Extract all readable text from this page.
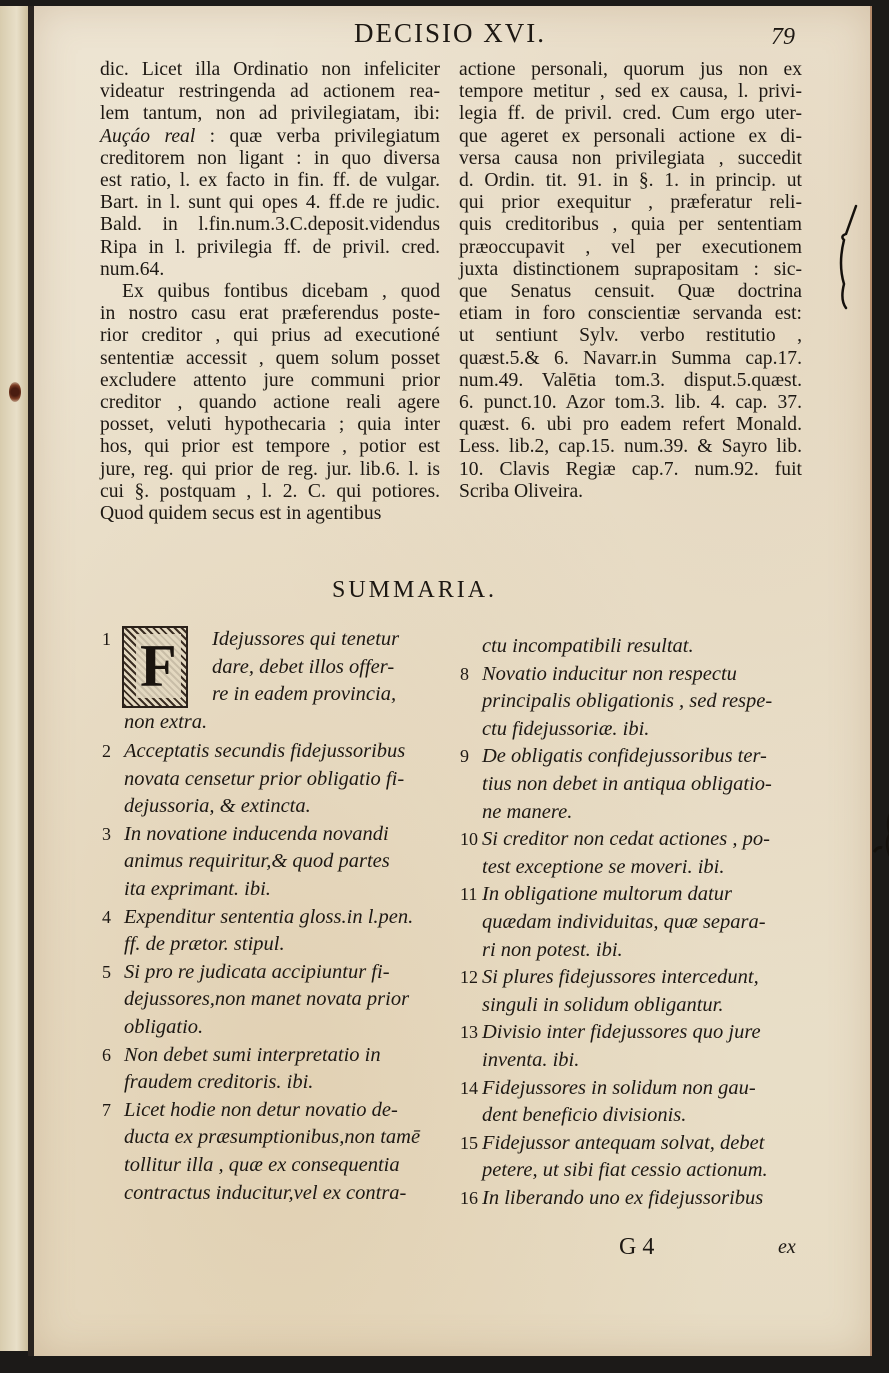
DECISIO XVI.	79
dic. Licet illa Ordinatio non infeliciter
videatur restringenda ad actionem rea-
lem tantum, non ad privilegiatam, ibi:
Auçáo real : quæ verba privilegiatum
creditorem non ligant : in quo diversa
est ratio, l. ex facto in fin. ff. de vulgar.
Bart. in l. sunt qui opes 4. ff.de re judic.
Bald. in l.fin.num.3.C.deposit.videndus
Ripa in l. privilegia ff. de privil. cred.
num.64.
Ex quibus fontibus dicebam , quod
in nostro casu erat præferendus poste-
rior creditor , qui prius ad executioné
sententiæ accessit , quem solum posset
excludere attento jure communi prior
creditor , quando actione reali agere
posset, veluti hypothecaria ; quia inter
hos, qui prior est tempore , potior est
jure, reg. qui prior de reg. jur. lib.6. l. is
cui §. postquam , l. 2. C. qui potiores.
Quod quidem secus est in agentibus
actione personali, quorum jus non ex
tempore metitur , sed ex causa, l. privi-
legia ff. de privil. cred. Cum ergo uter-
que ageret ex personali actione ex di-
versa causa non privilegiata , succedit
d. Ordin. tit. 91. in §. 1. in princip. ut
qui prior exequitur , præferatur reli-
quis creditoribus , quia per sententiam
præoccupavit , vel per executionem
juxta distinctionem suprapositam : sic-
que Senatus censuit. Quæ doctrina
etiam in foro conscientiæ servanda est:
ut sentiunt Sylv. verbo restitutio ,
quæst.5.& 6. Navarr.in Summa cap.17.
num.49. Valētia tom.3. disput.5.quæst.
6. punct.10. Azor tom.3. lib. 4. cap. 37.
quæst. 6. ubi pro eadem refert Monald.
Less. lib.2, cap.15. num.39. & Sayro lib.
10. Clavis Regiæ cap.7. num.92. fuit
Scriba Oliveira.
SUMMARIA.
1 F Idejussores qui tenetur
dare, debet illos offer-
re in eadem provincia,
non extra.
2 Acceptatis secundis fidejussoribus
novata censetur prior obligatio fi-
dejussoria, & extincta.
3 In novatione inducenda novandi
animus requiritur,& quod partes
ita exprimant. ibi.
4 Expenditur sententia gloss.in l.pen.
ff. de prætor. stipul.
5 Si pro re judicata accipiuntur fi-
dejussores,non manet novata prior
obligatio.
6 Non debet sumi interpretatio in
fraudem creditoris. ibi.
7 Licet hodie non detur novatio de-
ducta ex præsumptionibus,non tamē
tollitur illa , quæ ex consequentia
contractus inducitur,vel ex contra-
ctu incompatibili resultat.
8 Novatio inducitur non respectu
principalis obligationis , sed respe-
ctu fidejussoriæ. ibi.
9 De obligatis confidejussoribus ter-
tius non debet in antiqua obligatio-
ne manere.
10 Si creditor non cedat actiones , po-
test exceptione se moveri. ibi.
11 In obligatione multorum datur
quædam individuitas, quæ separa-
ri non potest. ibi.
12 Si plures fidejussores intercedunt,
singuli in solidum obligantur.
13 Divisio inter fidejussores quo jure
inventa. ibi.
14 Fidejussores in solidum non gau-
dent beneficio divisionis.
15 Fidejussor antequam solvat, debet
petere, ut sibi fiat cessio actionum.
16 In liberando uno ex fidejussoribus
G 4	ex
